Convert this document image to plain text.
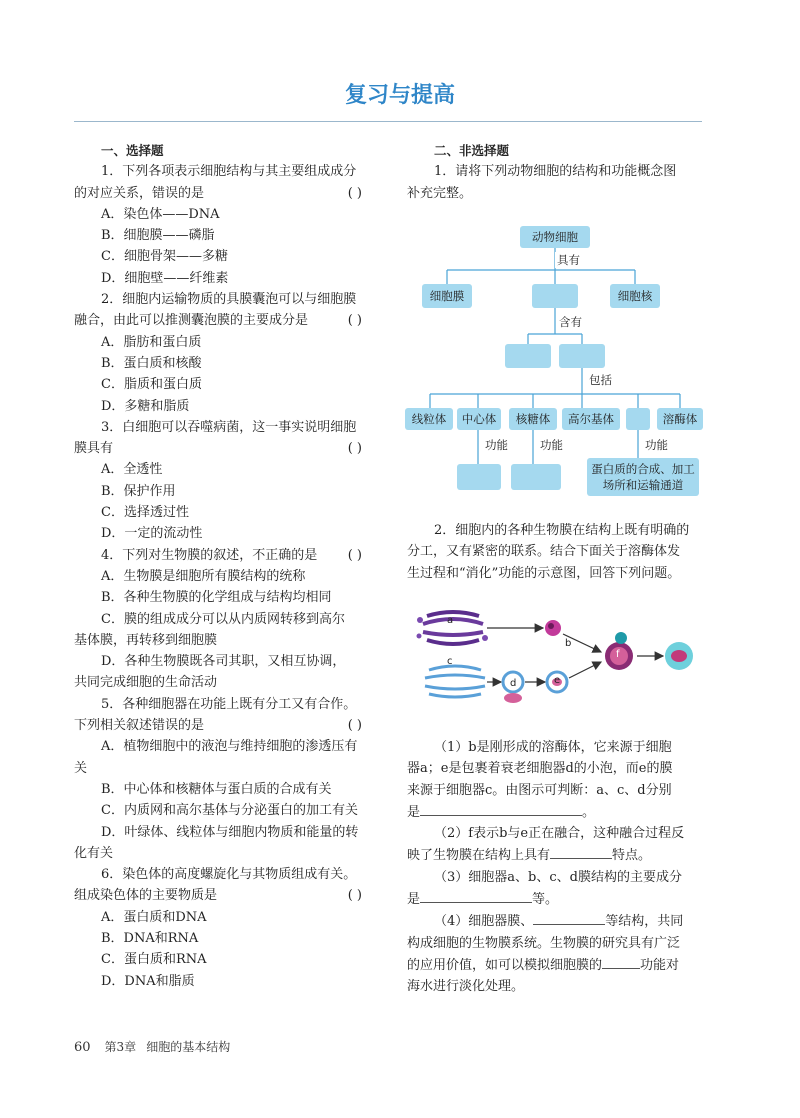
复习与提高

一、选择题

1．下列各项表示细胞结构与其主要组成成分

的对应关系，错误的是	( )

A．染色体——DNA

B．细胞膜——磷脂

C．细胞骨架——多糖

D．细胞壁——纤维素

2．细胞内运输物质的具膜囊泡可以与细胞膜

融合，由此可以推测囊泡膜的主要成分是	( )

A．脂肪和蛋白质

B．蛋白质和核酸

C．脂质和蛋白质

D．多糖和脂质

3．白细胞可以吞噬病菌，这一事实说明细胞

膜具有	( )

A．全透性

B．保护作用

C．选择透过性

D．一定的流动性

4．下列对生物膜的叙述，不正确的是	( )

A．生物膜是细胞所有膜结构的统称

B．各种生物膜的化学组成与结构均相同

C．膜的组成成分可以从内质网转移到高尔

基体膜，再转移到细胞膜

D．各种生物膜既各司其职，又相互协调，

共同完成细胞的生命活动

5．各种细胞器在功能上既有分工又有合作。

下列相关叙述错误的是	( )

A．植物细胞中的液泡与维持细胞的渗透压有

关

B．中心体和核糖体与蛋白质的合成有关

C．内质网和高尔基体与分泌蛋白的加工有关

D．叶绿体、线粒体与细胞内物质和能量的转

化有关

6．染色体的高度螺旋化与其物质组成有关。

组成染色体的主要物质是	( )

A．蛋白质和DNA

B．DNA和RNA

C．蛋白质和RNA

D．DNA和脂质

二、非选择题

1．请将下列动物细胞的结构和功能概念图

补充完整。

动物细胞
具有
细胞膜	细胞核
含有
包括
线粒体	中心体	核糖体	高尔基体	溶酶体
功能	功能	功能
蛋白质的合成、加工场所和运输通道

2．细胞内的各种生物膜在结构上既有明确的

分工，又有紧密的联系。结合下面关于溶酶体发

生过程和“消化”功能的示意图，回答下列问题。

a
b
c
d	e
f

（1）b是刚形成的溶酶体，它来源于细胞

器a；e是包裹着衰老细胞器d的小泡，而e的膜

来源于细胞器c。由图示可判断：a、c、d分别

是	。

（2）f表示b与e正在融合，这种融合过程反

映了生物膜在结构上具有	特点。

（3）细胞器a、b、c、d膜结构的主要成分

是	等。

（4）细胞器膜、	等结构，共同

构成细胞的生物膜系统。生物膜的研究具有广泛

的应用价值，如可以模拟细胞膜的	功能对

海水进行淡化处理。

60 第3章 细胞的基本结构
